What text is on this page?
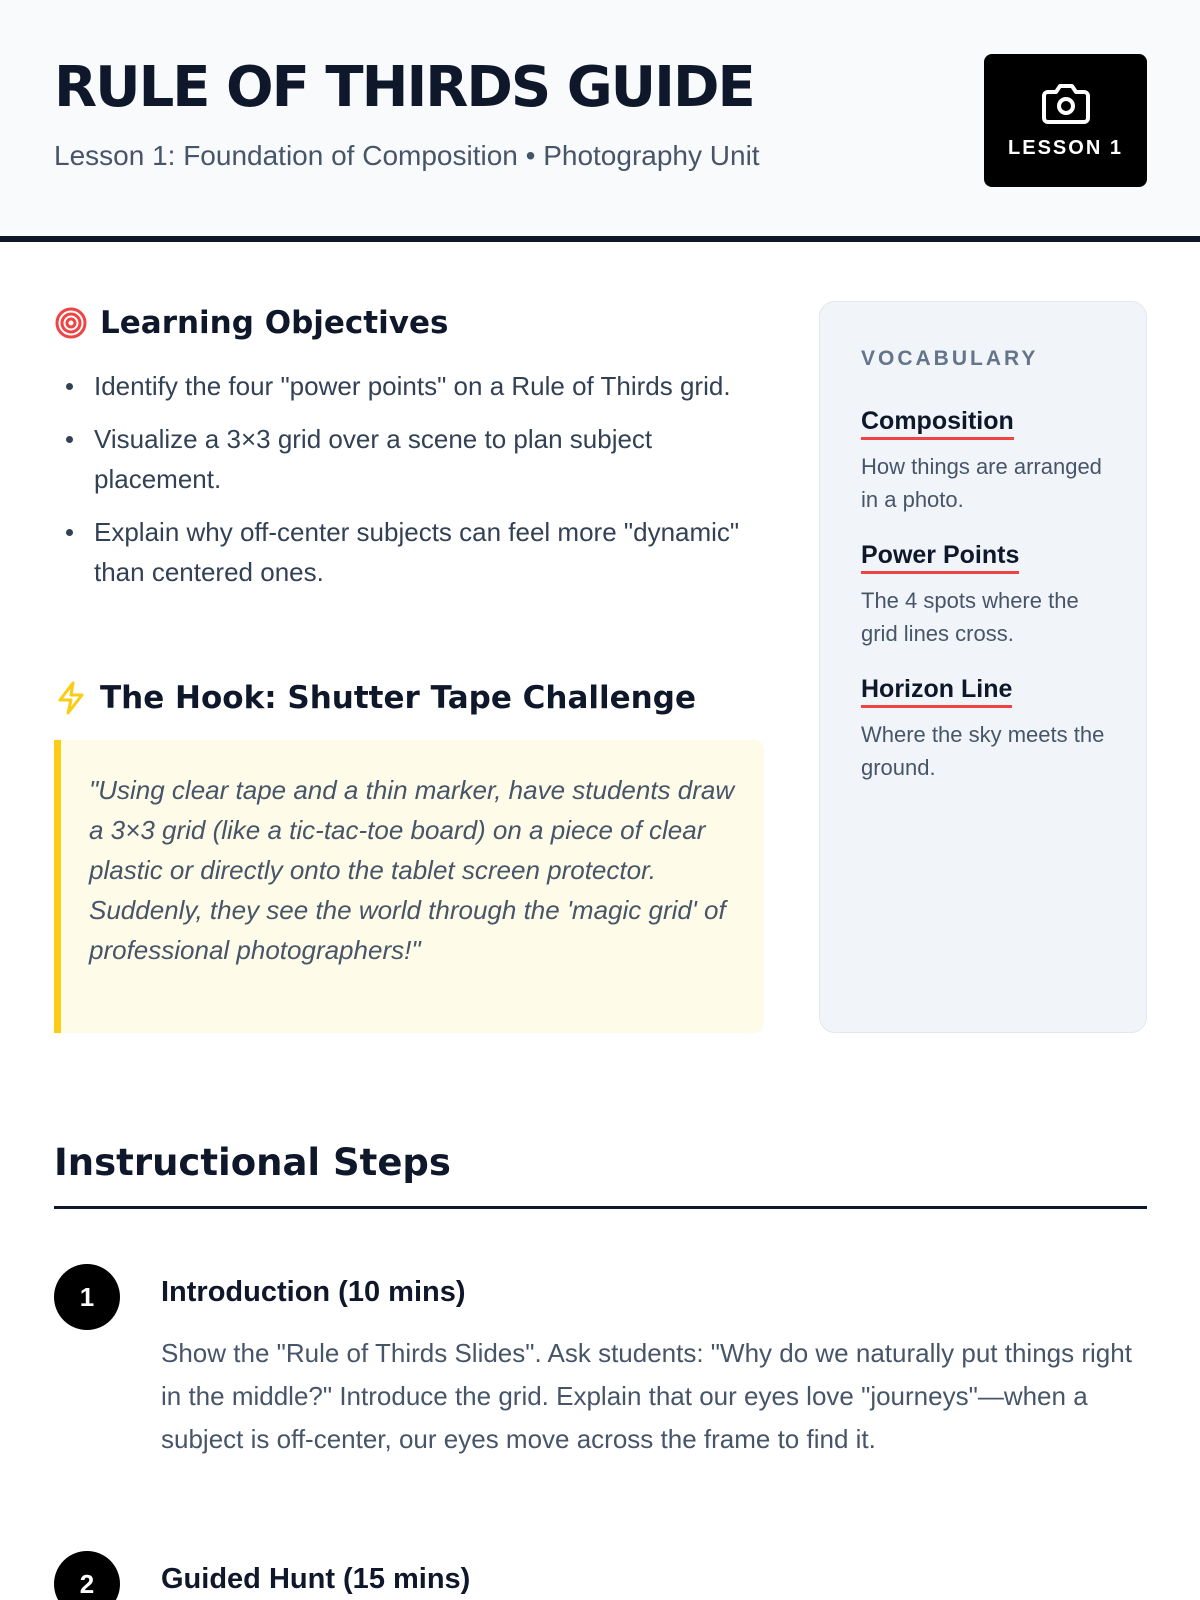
RULE OF THIRDS GUIDE
Lesson 1: Foundation of Composition • Photography Unit	LESSON 1
Learning Objectives
Identify the four "power points" on a Rule of Thirds grid.
Visualize a 3×3 grid over a scene to plan subject placement.
Explain why off-center subjects can feel more "dynamic" than centered ones.
The Hook: Shutter Tape Challenge
"Using clear tape and a thin marker, have students draw a 3×3 grid (like a tic-tac-toe board) on a piece of clear plastic or directly onto the tablet screen protector. Suddenly, they see the world through the 'magic grid' of professional photographers!"
VOCABULARY
Composition
How things are arranged in a photo.
Power Points
The 4 spots where the grid lines cross.
Horizon Line
Where the sky meets the ground.
Instructional Steps
1	Introduction (10 mins)
Show the "Rule of Thirds Slides". Ask students: "Why do we naturally put things right in the middle?" Introduce the grid. Explain that our eyes love "journeys"—when a subject is off-center, our eyes move across the frame to find it.
2	Guided Hunt (15 mins)
